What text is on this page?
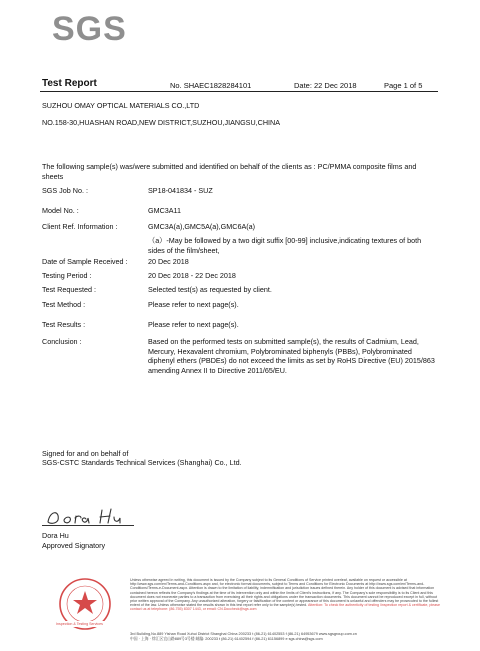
SGS
Test Report	No. SHAEC1828284101	Date: 22 Dec 2018	Page 1 of 5
SUZHOU OMAY OPTICAL MATERIALS CO.,LTD
NO.158-30,HUASHAN ROAD,NEW DISTRICT,SUZHOU,JIANGSU,CHINA
The following sample(s) was/were submitted and identified on behalf of the clients as : PC/PMMA composite films and sheets
SGS Job No. :	SP18-041834 - SUZ
Model No. :	GMC3A11
Client Ref. Information :	GMC3A(a),GMC5A(a),GMC6A(a)
（a）-May be followed by a two digit suffix [00-99] inclusive,indicating textures of both sides of the film/sheet,
Date of Sample Received :	20 Dec 2018
Testing Period :	20 Dec 2018 - 22 Dec 2018
Test Requested :	Selected test(s) as requested by client.
Test Method :	Please refer to next page(s).
Test Results :	Please refer to next page(s).
Conclusion :	Based on the performed tests on submitted sample(s), the results of Cadmium, Lead, Mercury, Hexavalent chromium, Polybrominated biphenyls (PBBs), Polybrominated diphenyl ethers (PBDEs) do not exceed the limits as set by RoHS Directive (EU) 2015/863 amending Annex II to Directive 2011/65/EU.
Signed for and on behalf of
SGS-CSTC Standards Technical Services (Shanghai) Co., Ltd.
Dora Hu
Approved Signatory
Inspection & Testing Services
Unless otherwise agreed in writing, this document is issued by the Company subject to its General Conditions of Service printed overleaf, available on request or accessible at http://www.sgs.com/en/Terms-and-Conditions.aspx and, for electronic format documents, subject to Terms and Conditions for Electronic Documents at http://www.sgs.com/en/Terms-and-Conditions/Terms-e-Document.aspx. Attention is drawn to the limitation of liability, indemnification and jurisdiction issues defined therein. Any holder of this document is advised that information contained hereon reflects the Company's findings at the time of its intervention only and within the limits of Client's instructions, if any. The Company's sole responsibility is to its Client and this document does not exonerate parties to a transaction from exercising all their rights and obligations under the transaction documents. This document cannot be reproduced except in full, without prior written approval of the Company. Any unauthorized alteration, forgery or falsification of the content or appearance of this document is unlawful and offenders may be prosecuted to the fullest extent of the law. Unless otherwise stated the results shown in this test report refer only to the sample(s) tested. Attention: To check the authenticity of testing /inspection report & certificate, please contact us at telephone: (86-755) 8307 1443, or email: CN.Doccheck@sgs.com
3rd Building,No.889 Yishan Road Xuhui District Shanghai China 200233 t (86-21) 61402553 f (86-21) 64953679 www.sgsgroup.com.cn
中国 · 上海 · 徐汇区宜山路889号3号楼 邮编: 200233 t (86-21) 61402594 f (86-21) 61156899 e sgs.china@sgs.com
